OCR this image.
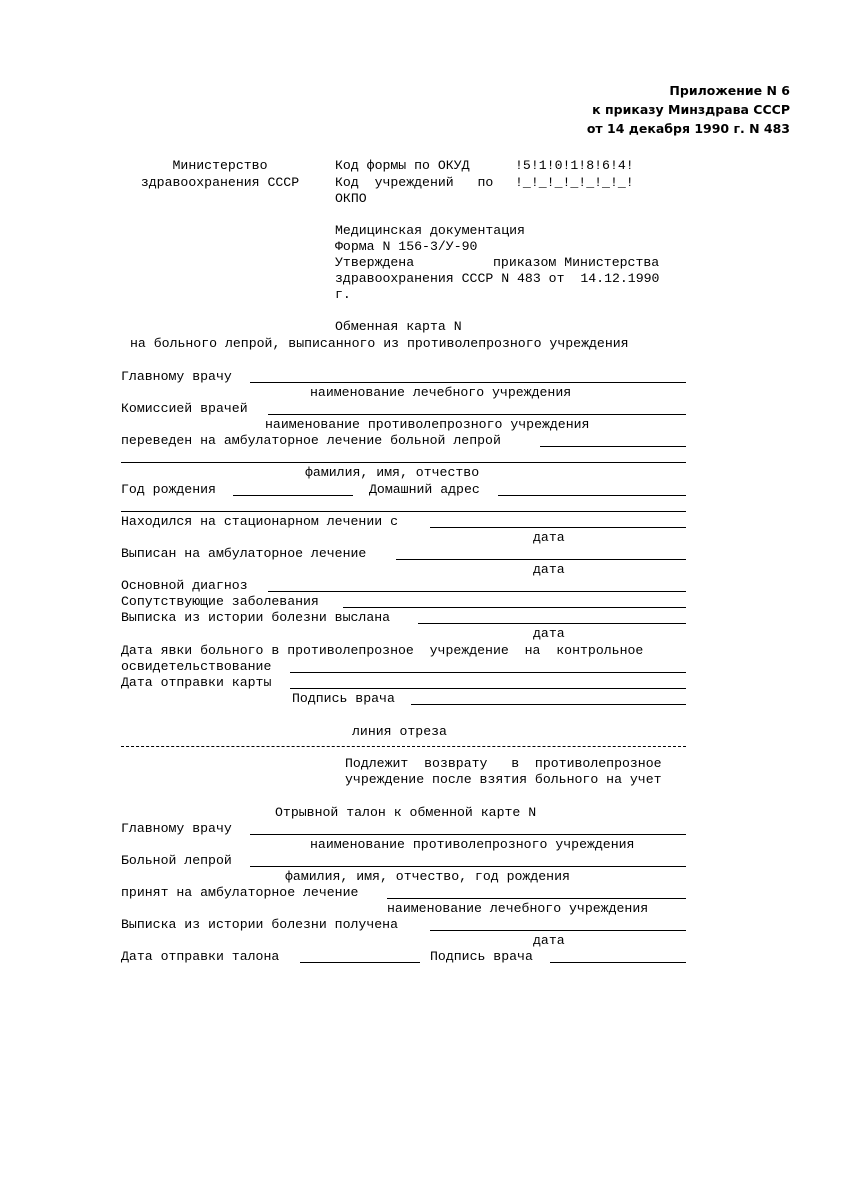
Приложение N 6
к приказу Минздрава СССР
от 14 декабря 1990 г. N 483
Министерство
здравоохранения СССР
Код формы по ОКУД	!5!1!0!1!8!6!4!
Код  учреждений   по !_!_!_!_!_!_!_!
ОКПО
Медицинская документация
Форма N 156-3/У-90
Утверждена	приказом Министерства
здравоохранения СССР N 483 от  14.12.1990
г.
Обменная карта N
на больного лепрой, выписанного из противолепрозного учреждения
Главному врачу
наименование лечебного учреждения
Комиссией врачей
наименование противолепрозного учреждения
переведен на амбулаторное лечение больной лепрой
фамилия, имя, отчество
Год рождения	Домашний адрес
Находился на стационарном лечении с
дата
Выписан на амбулаторное лечение
дата
Основной диагноз
Сопутствующие заболевания
Выписка из истории болезни выслана
дата
Дата явки больного в противолепрозное  учреждение  на  контрольное
освидетельствование
Дата отправки карты
Подпись врача
линия отреза
Подлежит  возврату   в  противолепрозное
учреждение после взятия больного на учет
Отрывной талон к обменной карте N
Главному врачу
наименование противолепрозного учреждения
Больной лепрой
фамилия, имя, отчество, год рождения
принят на амбулаторное лечение
наименование лечебного учреждения
Выписка из истории болезни получена
дата
Дата отправки талона	Подпись врача
